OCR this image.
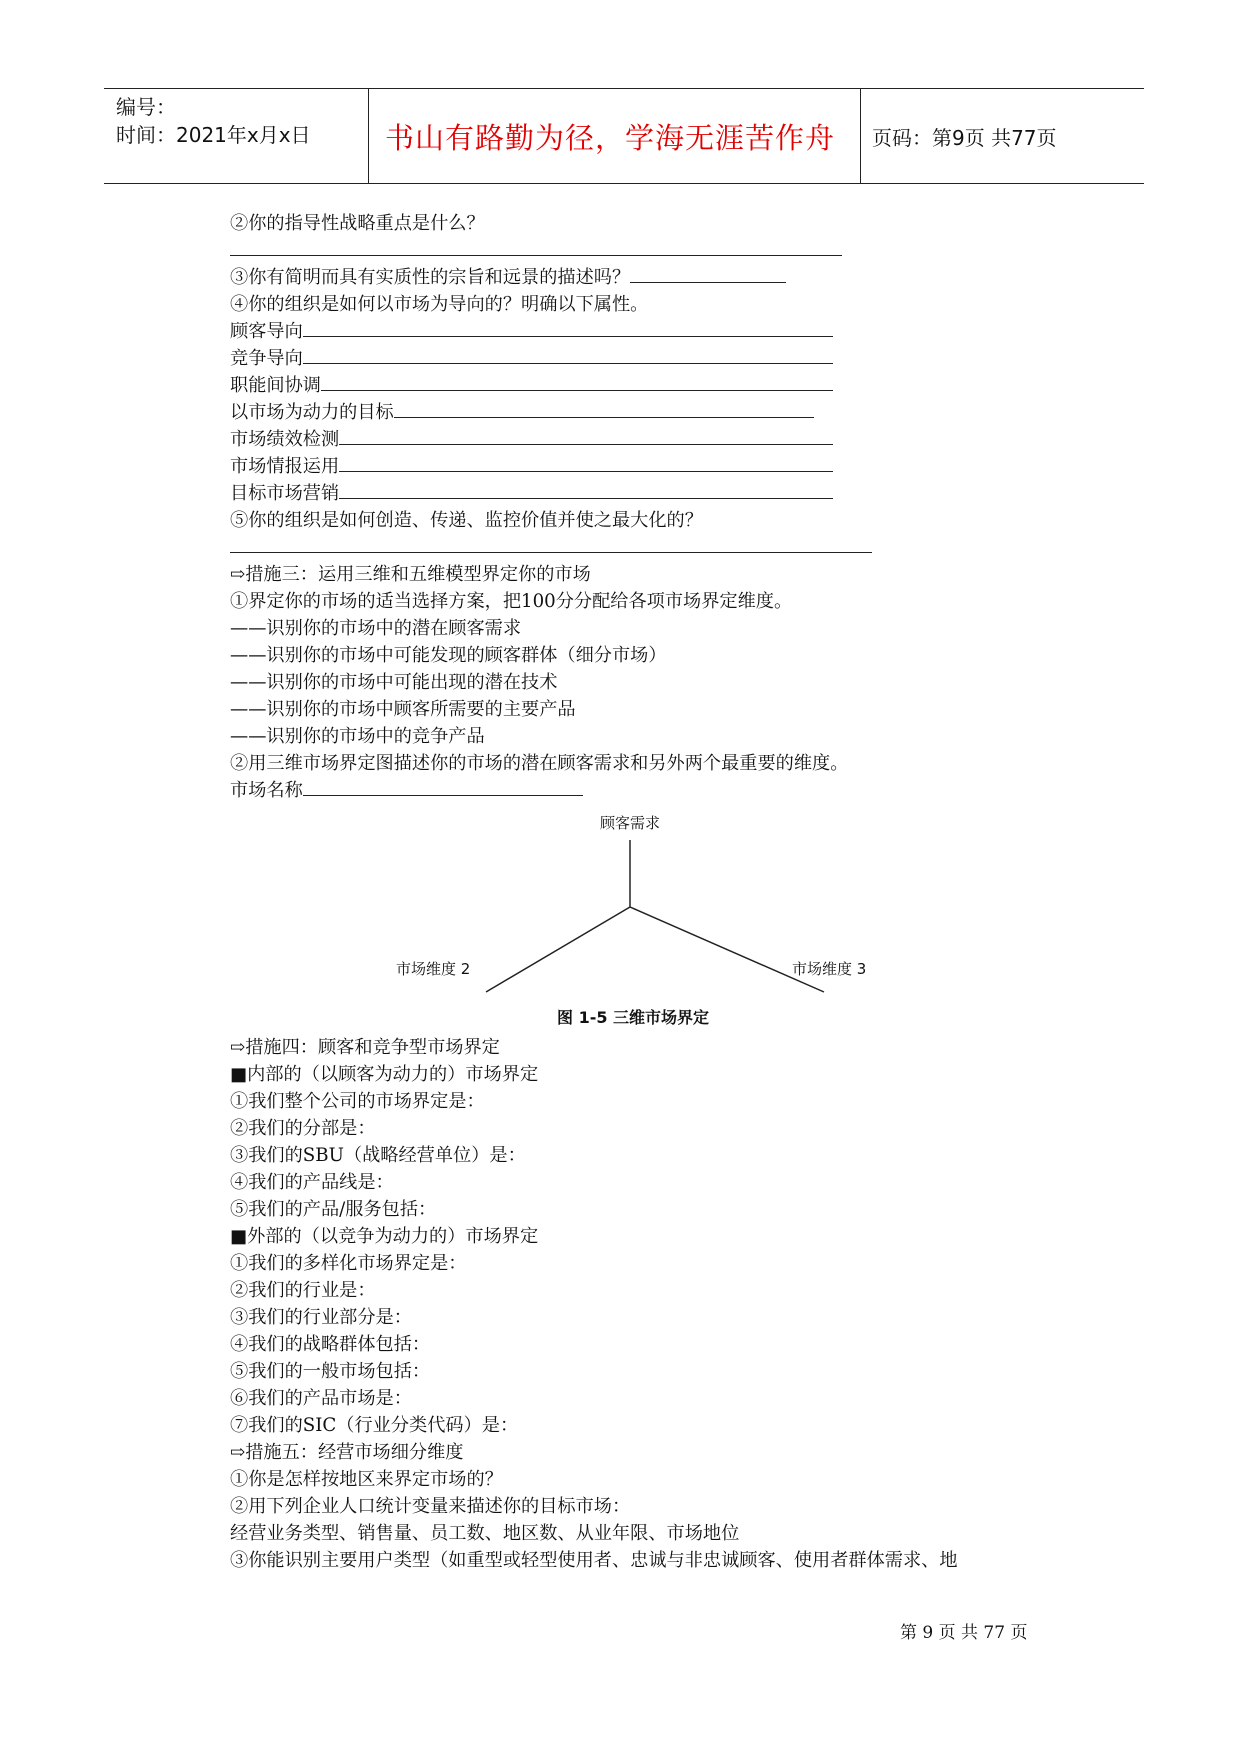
编号：
时间：2021年x月x日	书山有路勤为径，学海无涯苦作舟	页码：第9页 共77页
②你的指导性战略重点是什么？
③你有简明而具有实质性的宗旨和远景的描述吗？
④你的组织是如何以市场为导向的？明确以下属性。
顾客导向
竞争导向
职能间协调
以市场为动力的目标
市场绩效检测
市场情报运用
目标市场营销
⑤你的组织是如何创造、传递、监控价值并使之最大化的？
⇨措施三：运用三维和五维模型界定你的市场
①界定你的市场的适当选择方案，把100分分配给各项市场界定维度。
——识别你的市场中的潜在顾客需求
——识别你的市场中可能发现的顾客群体（细分市场）
——识别你的市场中可能出现的潜在技术
——识别你的市场中顾客所需要的主要产品
——识别你的市场中的竞争产品
②用三维市场界定图描述你的市场的潜在顾客需求和另外两个最重要的维度。
市场名称
顾客需求
市场维度 2	市场维度 3
图 1-5 三维市场界定
⇨措施四：顾客和竞争型市场界定
■内部的（以顾客为动力的）市场界定
①我们整个公司的市场界定是：
②我们的分部是：
③我们的SBU（战略经营单位）是：
④我们的产品线是：
⑤我们的产品/服务包括：
■外部的（以竞争为动力的）市场界定
①我们的多样化市场界定是：
②我们的行业是：
③我们的行业部分是：
④我们的战略群体包括：
⑤我们的一般市场包括：
⑥我们的产品市场是：
⑦我们的SIC（行业分类代码）是：
⇨措施五：经营市场细分维度
①你是怎样按地区来界定市场的？
②用下列企业人口统计变量来描述你的目标市场：
经营业务类型、销售量、员工数、地区数、从业年限、市场地位
③你能识别主要用户类型（如重型或轻型使用者、忠诚与非忠诚顾客、使用者群体需求、地
第 9 页 共 77 页
